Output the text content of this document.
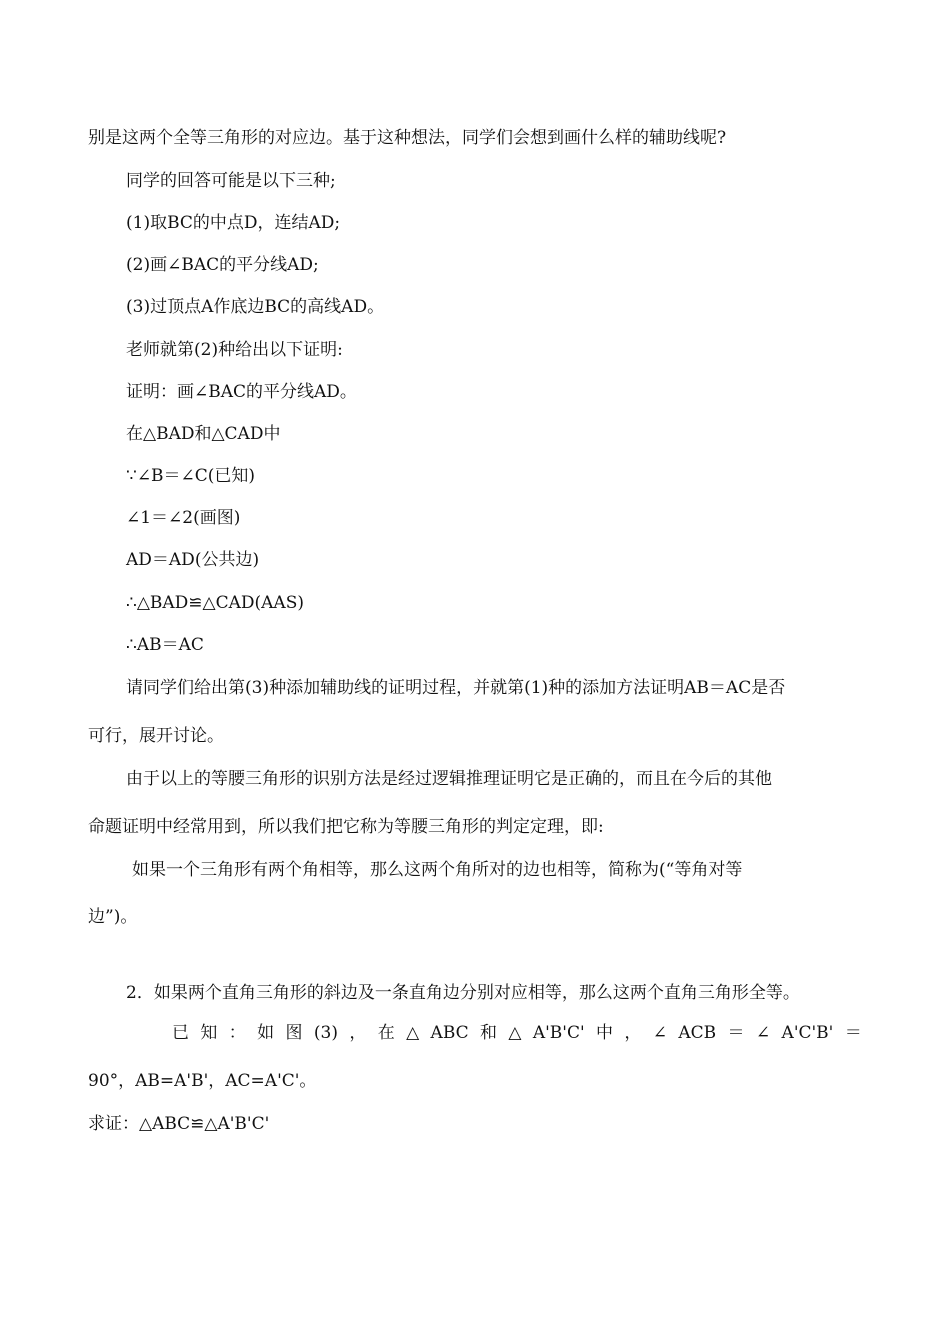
别是这两个全等三角形的对应边。基于这种想法，同学们会想到画什么样的辅助线呢?
同学的回答可能是以下三种;
(1)取BC的中点D，连结AD;
(2)画∠BAC的平分线AD;
(3)过顶点A作底边BC的高线AD。
老师就第(2)种给出以下证明:
证明：画∠BAC的平分线AD。
在△BAD和△CAD中
∵∠B＝∠C(已知)
∠1＝∠2(画图)
AD＝AD(公共边)
∴△BAD≌△CAD(AAS)
∴AB＝AC
请同学们给出第(3)种添加辅助线的证明过程，并就第(1)种的添加方法证明AB＝AC是否
可行，展开讨论。
由于以上的等腰三角形的识别方法是经过逻辑推理证明它是正确的，而且在今后的其他
命题证明中经常用到，所以我们把它称为等腰三角形的判定定理，即:
如果一个三角形有两个角相等，那么这两个角所对的边也相等，简称为(“等角对等
边”)。
2．如果两个直角三角形的斜边及一条直角边分别对应相等，那么这两个直角三角形全等。
已 知 ： 如 图 (3) ， 在 △ ABC 和 △ A'B'C' 中 ， ∠ ACB ＝ ∠ A'C'B' ＝
90°，AB=A'B'，AC=A'C'。
求证：△ABC≌△A'B'C'
